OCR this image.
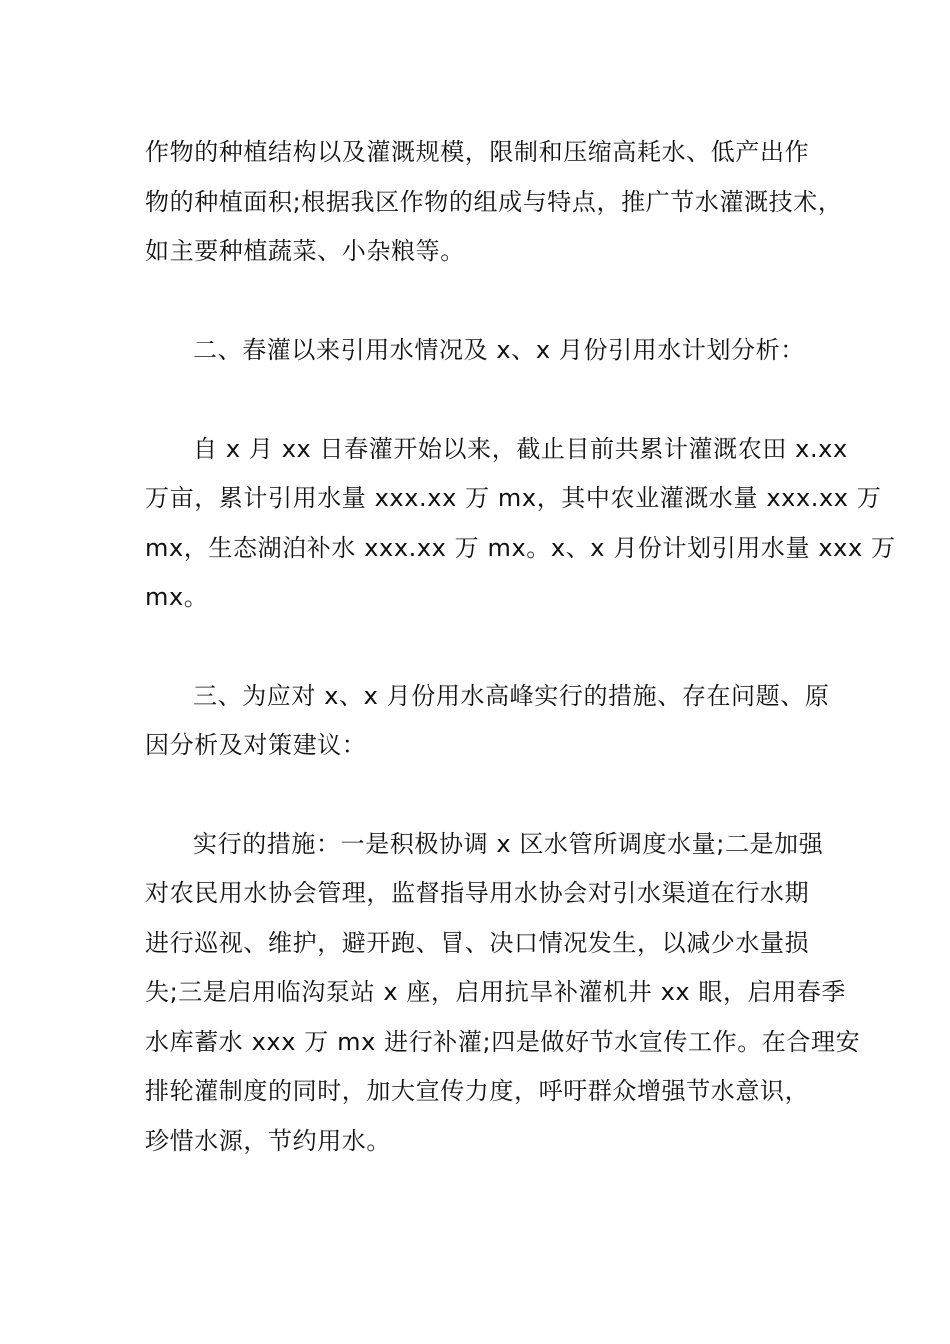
作物的种植结构以及灌溉规模，限制和压缩高耗水、低产出作
物的种植面积;根据我区作物的组成与特点，推广节水灌溉技术，
如主要种植蔬菜、小杂粮等。
二、春灌以来引用水情况及 x、x 月份引用水计划分析：
自 x 月 xx 日春灌开始以来，截止目前共累计灌溉农田 x.xx
万亩，累计引用水量 xxx.xx 万 mx，其中农业灌溉水量 xxx.xx 万
mx，生态湖泊补水 xxx.xx 万 mx。x、x 月份计划引用水量 xxx 万
mx。
三、为应对 x、x 月份用水高峰实行的措施、存在问题、原
因分析及对策建议：
实行的措施：一是积极协调 x 区水管所调度水量;二是加强
对农民用水协会管理，监督指导用水协会对引水渠道在行水期
进行巡视、维护，避开跑、冒、决口情况发生，以减少水量损
失;三是启用临沟泵站 x 座，启用抗旱补灌机井 xx 眼，启用春季
水库蓄水 xxx 万 mx 进行补灌;四是做好节水宣传工作。在合理安
排轮灌制度的同时，加大宣传力度，呼吁群众增强节水意识，
珍惜水源，节约用水。
